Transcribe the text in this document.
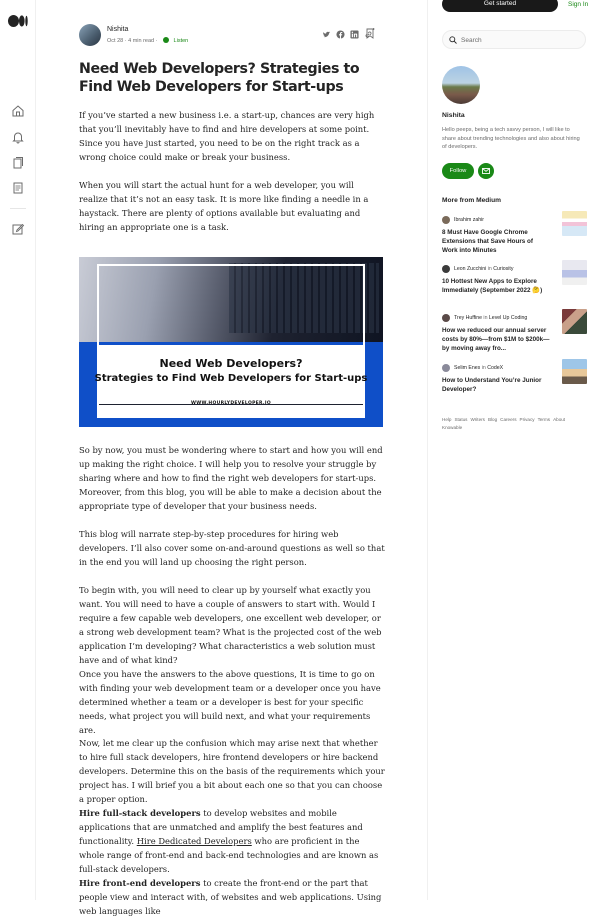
Nishita
Oct 28 · 4 min read ·	Listen
Need Web Developers? Strategies to Find Web Developers for Start-ups

If you’ve started a new business i.e. a start-up, chances are very high that you’ll inevitably have to find and hire developers at some point. Since you have just started, you need to be on the right track as a wrong choice could make or break your business.

When you will start the actual hunt for a web developer, you will realize that it’s not an easy task. It is more like finding a needle in a haystack. There are plenty of options available but evaluating and hiring an appropriate one is a task.

So by now, you must be wondering where to start and how you will end up making the right choice. I will help you to resolve your struggle by sharing where and how to find the right web developers for start-ups. Moreover, from this blog, you will be able to make a decision about the appropriate type of developer that your business needs.

This blog will narrate step-by-step procedures for hiring web developers. I’ll also cover some on-and-around questions as well so that in the end you will land up choosing the right person.

To begin with, you will need to clear up by yourself what exactly you want. You will need to have a couple of answers to start with. Would I require a few capable web developers, one excellent web developer, or a strong web development team? What is the projected cost of the web application I’m developing? What characteristics a web solution must have and of what kind?

Once you have the answers to the above questions, It is time to go on with finding your web development team or a developer once you have determined whether a team or a developer is best for your specific needs, what project you will build next, and what your requirements are.

Now, let me clear up the confusion which may arise next that whether to hire full stack developers, hire frontend developers or hire backend developers. Determine this on the basis of the requirements which your project has. I will brief you a bit about each one so that you can choose a proper option.

Hire full-stack developers to develop websites and mobile applications that are unmatched and amplify the best features and functionality. Hire Dedicated Developers who are proficient in the whole range of front-end and back-end technologies and are known as full-stack developers.

Hire front-end developers to create the front-end or the part that people view and interact with, of websites and web applications. Using web languages like

Need Web Developers?
Strategies to Find Web Developers for Start-ups
WWW.HOURLYDEVELOPER.IO
Get started	Sign In
Search
Nishita
Hello peeps, being a tech savvy person, I will like to share about trending technologies and also about hiring of developers.
Follow
More from Medium
Ibrahim zahir
8 Must Have Google Chrome Extensions that Save Hours of Work into Minutes
Leon Zucchini in Curiosity
10 Hottest New Apps to Explore Immediately (September 2022 🤔)
Trey Huffine in Level Up Coding
How we reduced our annual server costs by 80%—from $1M to $200k—by moving away fro...
Selim Enes in CodeX
How to Understand You’re Junior Developer?
Help Status Writers Blog Careers Privacy Terms About
Knowable
